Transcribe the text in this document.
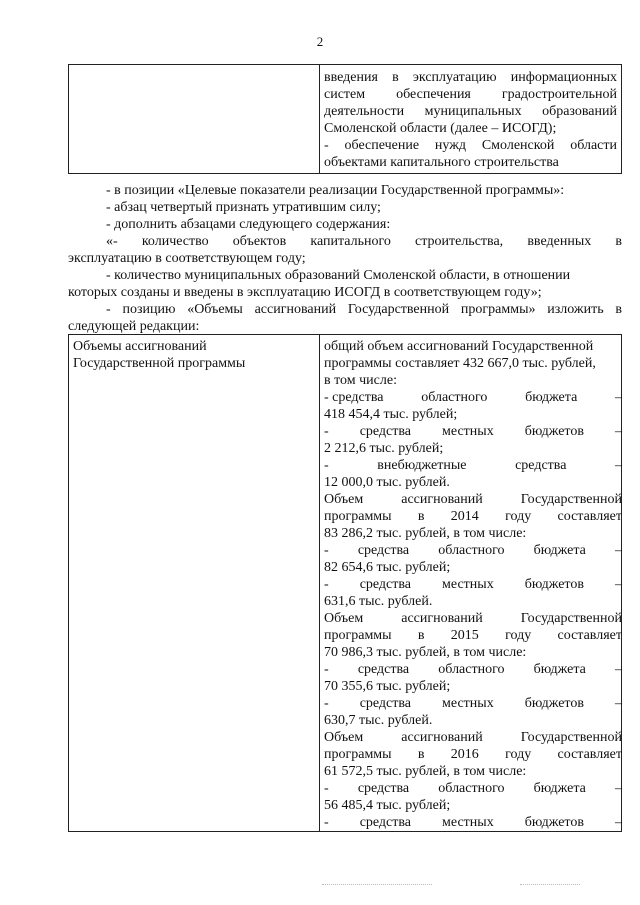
2

введения в эксплуатацию информационных
систем обеспечения градостроительной
деятельности муниципальных образований
Смоленской области (далее – ИСОГД);
- обеспечение нужд Смоленской области
объектами капитального строительства

- в позиции «Целевые показатели реализации Государственной программы»:

- абзац четвертый признать утратившим силу;

- дополнить абзацами следующего содержания:

«- количество объектов капитального строительства, введенных в

эксплуатацию в соответствующем году;

- количество муниципальных образований Смоленской области, в отношении

которых созданы и введены в эксплуатацию ИСОГД в соответствующем году»;

- позицию «Объемы ассигнований Государственной программы» изложить в

следующей редакции:

Объемы ассигнований
Государственной программы

общий объем ассигнований Государственной
программы составляет 432 667,0 тыс. рублей,
в том числе:
- средства	областного	бюджета	–
418 454,4 тыс. рублей;
- средства местных бюджетов –
2 212,6 тыс. рублей;
-	внебюджетные	средства	–
12 000,0 тыс. рублей.
Объем	ассигнований	Государственной
программы в 2014 году составляет
83 286,2 тыс. рублей, в том числе:
- средства областного бюджета –
82 654,6 тыс. рублей;
- средства местных бюджетов –
631,6 тыс. рублей.
Объем	ассигнований	Государственной
программы в 2015 году составляет
70 986,3 тыс. рублей, в том числе:
- средства областного бюджета –
70 355,6 тыс. рублей;
- средства местных бюджетов –
630,7 тыс. рублей.
Объем	ассигнований	Государственной
программы в 2016 году составляет
61 572,5 тыс. рублей, в том числе:
- средства областного бюджета –
56 485,4 тыс. рублей;
- средства местных бюджетов –
